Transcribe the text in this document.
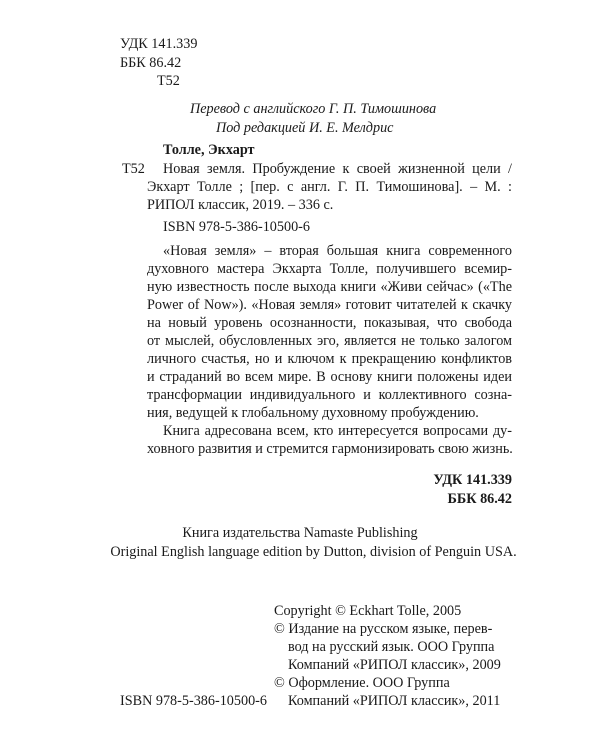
УДК 141.339
ББК 86.42
Т52
Перевод с английского Г. П. Тимошинова
Под редакцией И. Е. Мелдрис
Толле, Экхарт
Т52 Новая земля. Пробуждение к своей жизненной цели /
Экхарт Толле ; [пер. с англ. Г. П. Тимошинова]. – М. :
РИПОЛ классик, 2019. – 336 с.
ISBN 978-5-386-10500-6
«Новая земля» – вторая большая книга современного
духовного мастера Экхарта Толле, получившего всемир-
ную известность после выхода книги «Живи сейчас» («The
Power of Now»). «Новая земля» готовит читателей к скачку
на новый уровень осознанности, показывая, что свобода
от мыслей, обусловленных эго, является не только залогом
личного счастья, но и ключом к прекращению конфликтов
и страданий во всем мире. В основу книги положены идеи
трансформации индивидуального и коллективного созна-
ния, ведущей к глобальному духовному пробуждению.
Книга адресована всем, кто интересуется вопросами ду-
ховного развития и стремится гармонизировать свою жизнь.
УДК 141.339
ББК 86.42
Книга издательства Namaste Publishing
Original English language edition by Dutton, division of Penguin USA.
Copyright © Eckhart Tolle, 2005
© Издание на русском языке, перев-
вод на русский язык. ООО Группа
Компаний «РИПОЛ классик», 2009
© Оформление. ООО Группа
Компаний «РИПОЛ классик», 2011
ISBN 978-5-386-10500-6
